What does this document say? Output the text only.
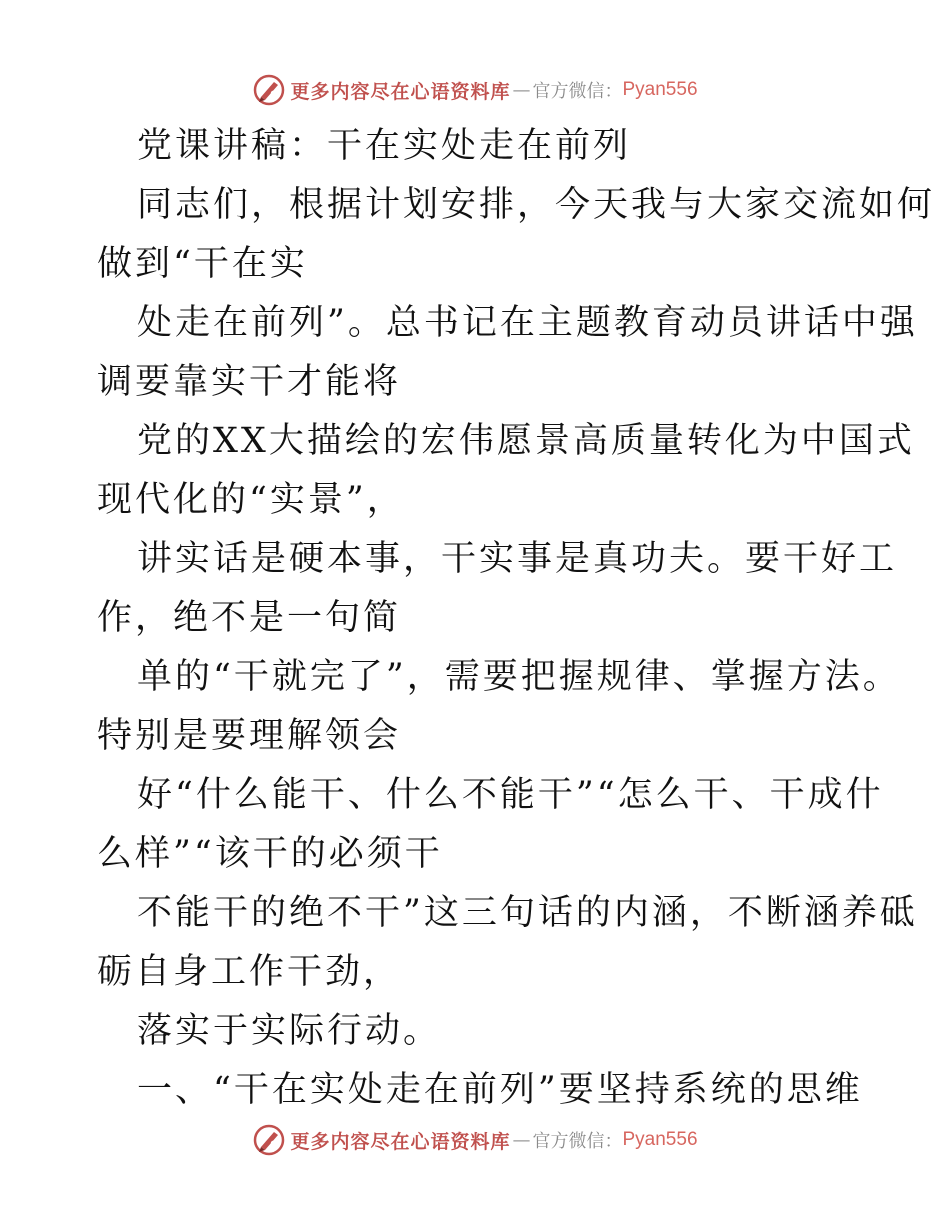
更多内容尽在心语资料库 — 官方微信： Pyan556
党课讲稿：干在实处走在前列
同志们，根据计划安排，今天我与大家交流如何
做到“干在实
处走在前列”。总书记在主题教育动员讲话中强
调要靠实干才能将
党的XX大描绘的宏伟愿景高质量转化为中国式
现代化的“实景”，
讲实话是硬本事，干实事是真功夫。要干好工
作，绝不是一句简
单的“干就完了”，需要把握规律、掌握方法。
特别是要理解领会
好“什么能干、什么不能干”“怎么干、干成什
么样”“该干的必须干
不能干的绝不干”这三句话的内涵，不断涵养砥
砺自身工作干劲，
落实于实际行动。
一、“干在实处走在前列”要坚持系统的思维
更多内容尽在心语资料库 — 官方微信： Pyan556
